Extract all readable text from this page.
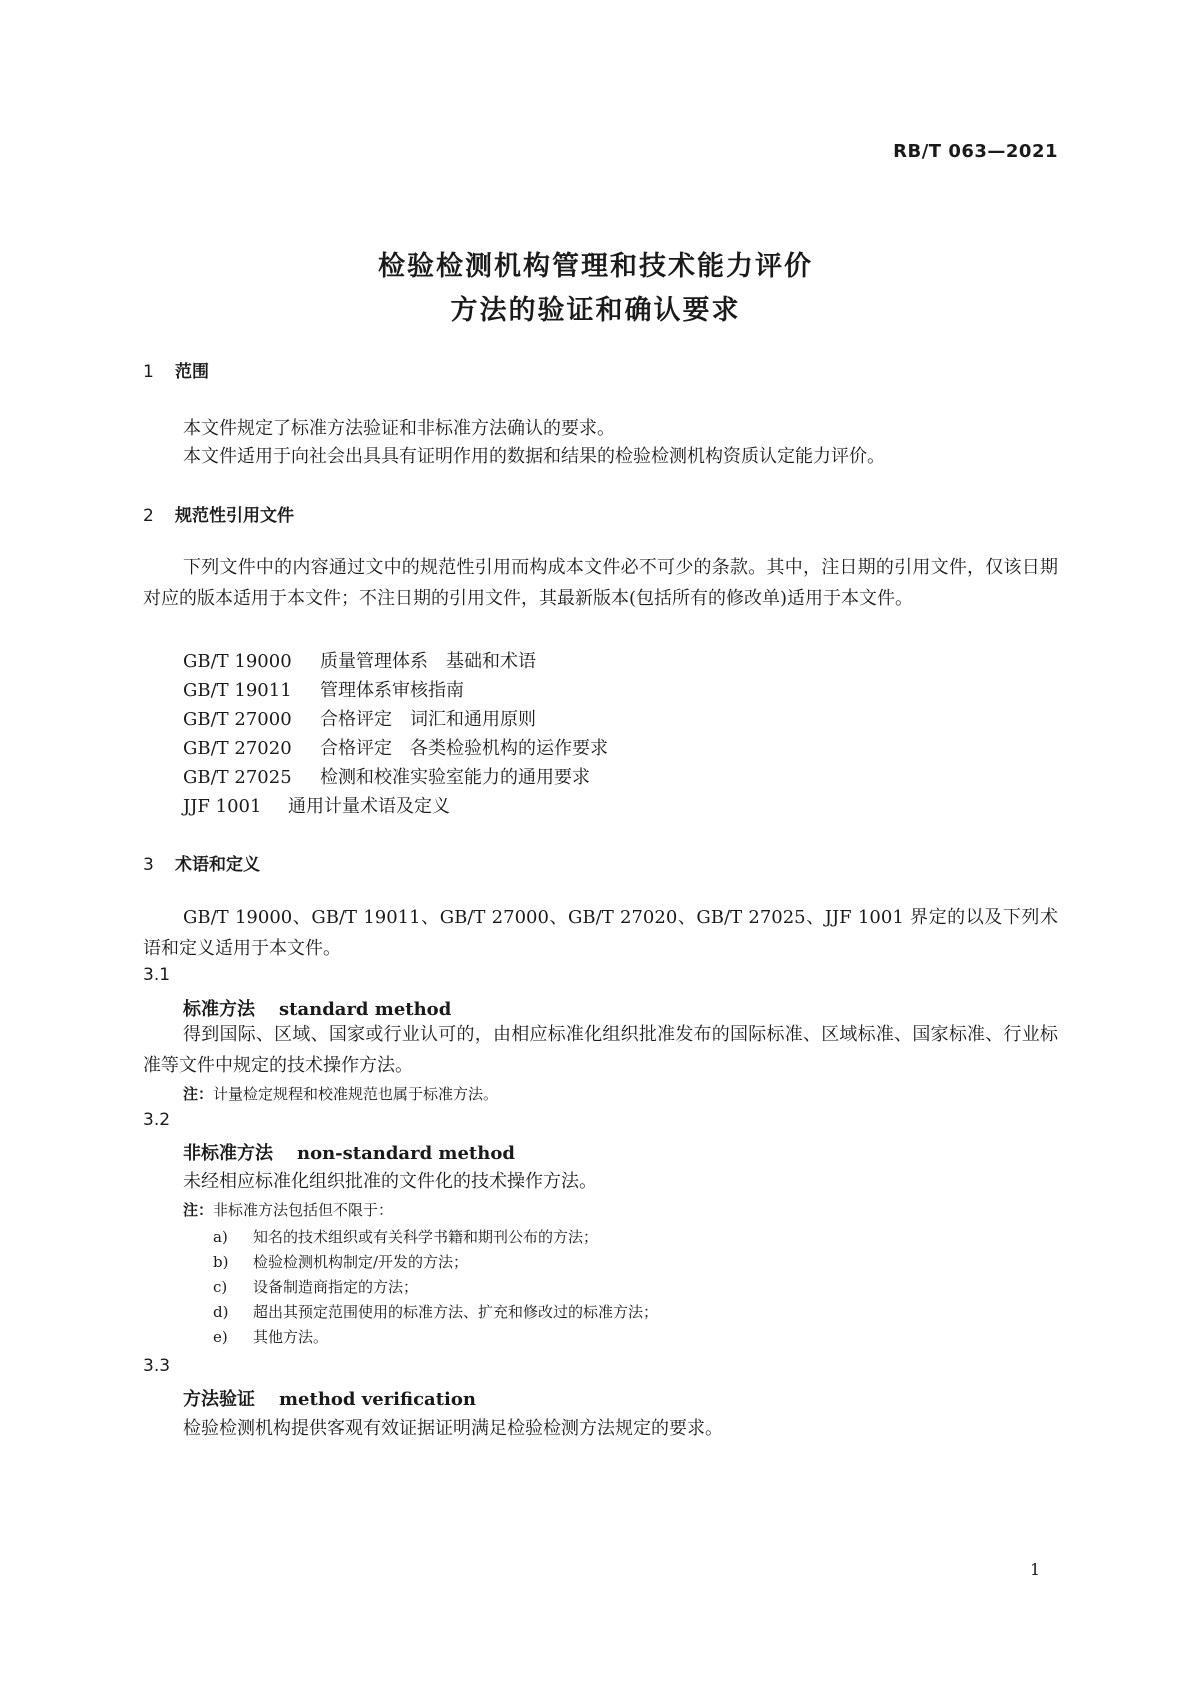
RB/T 063—2021
检验检测机构管理和技术能力评价
方法的验证和确认要求
1 范围
本文件规定了标准方法验证和非标准方法确认的要求。
本文件适用于向社会出具具有证明作用的数据和结果的检验检测机构资质认定能力评价。
2 规范性引用文件
下列文件中的内容通过文中的规范性引用而构成本文件必不可少的条款。其中，注日期的引用文件，仅该日期对应的版本适用于本文件；不注日期的引用文件，其最新版本(包括所有的修改单)适用于本文件。
GB/T 19000 质量管理体系　基础和术语
GB/T 19011 管理体系审核指南
GB/T 27000 合格评定　词汇和通用原则
GB/T 27020 合格评定　各类检验机构的运作要求
GB/T 27025 检测和校准实验室能力的通用要求
JJF 1001 通用计量术语及定义
3 术语和定义
GB/T 19000、GB/T 19011、GB/T 27000、GB/T 27020、GB/T 27025、JJF 1001 界定的以及下列术语和定义适用于本文件。
3.1
标准方法 standard method
得到国际、区域、国家或行业认可的，由相应标准化组织批准发布的国际标准、区域标准、国家标准、行业标准等文件中规定的技术操作方法。
注：计量检定规程和校准规范也属于标准方法。
3.2
非标准方法 non-standard method
未经相应标准化组织批准的文件化的技术操作方法。
注：非标准方法包括但不限于：
a) 知名的技术组织或有关科学书籍和期刊公布的方法；
b) 检验检测机构制定/开发的方法；
c) 设备制造商指定的方法；
d) 超出其预定范围使用的标准方法、扩充和修改过的标准方法；
e) 其他方法。
3.3
方法验证 method verification
检验检测机构提供客观有效证据证明满足检验检测方法规定的要求。
1
